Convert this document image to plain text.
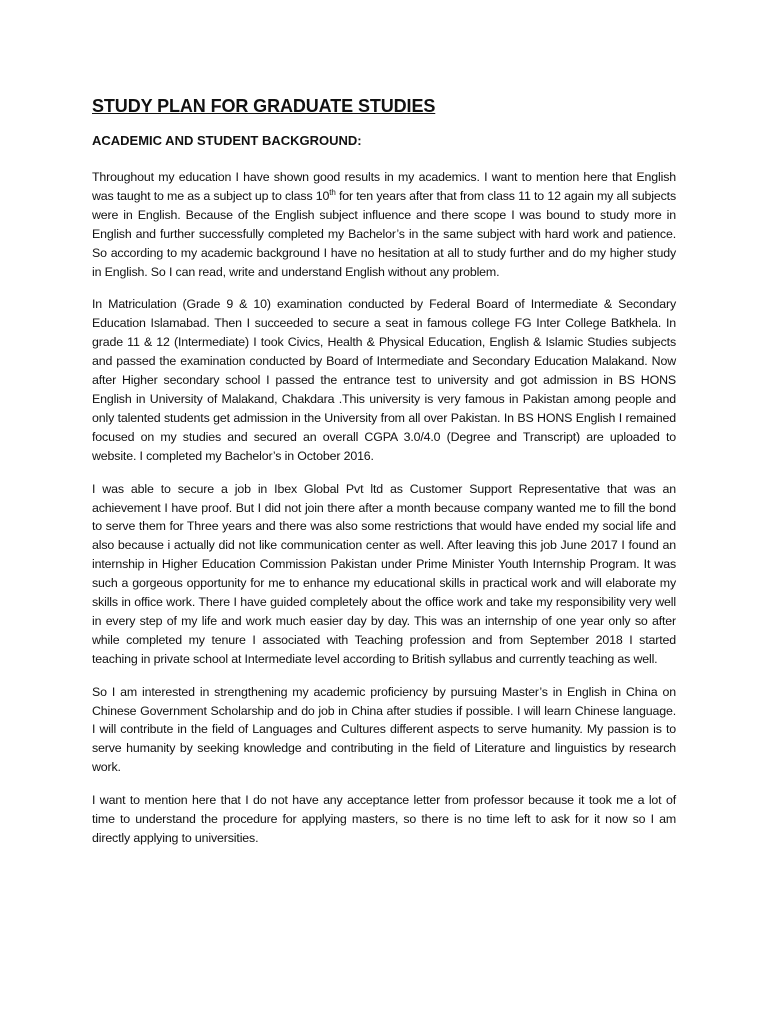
STUDY PLAN FOR GRADUATE STUDIES
ACADEMIC AND STUDENT BACKGROUND:

Throughout my education I have shown good results in my academics. I want to mention here that English was taught to me as a subject up to class 10th for ten years after that from class 11 to 12 again my all subjects were in English. Because of the English subject influence and there scope I was bound to study more in English and further successfully completed my Bachelor’s in the same subject with hard work and patience. So according to my academic background I have no hesitation at all to study further and do my higher study in English. So I can read, write and understand English without any problem.

In Matriculation (Grade 9 & 10) examination conducted by Federal Board of Intermediate & Secondary Education Islamabad. Then I succeeded to secure a seat in famous college FG Inter College Batkhela. In grade 11 & 12 (Intermediate) I took Civics, Health & Physical Education, English & Islamic Studies subjects and passed the examination conducted by Board of Intermediate and Secondary Education Malakand. Now after Higher secondary school I passed the entrance test to university and got admission in BS HONS English in University of Malakand, Chakdara .This university is very famous in Pakistan among people and only talented students get admission in the University from all over Pakistan. In BS HONS English I remained focused on my studies and secured an overall CGPA 3.0/4.0 (Degree and Transcript) are uploaded to website. I completed my Bachelor’s in October 2016.

I was able to secure a job in Ibex Global Pvt ltd as Customer Support Representative that was an achievement I have proof. But I did not join there after a month because company wanted me to fill the bond to serve them for Three years and there was also some restrictions that would have ended my social life and also because i actually did not like communication center as well. After leaving this job June 2017 I found an internship in Higher Education Commission Pakistan under Prime Minister Youth Internship Program. It was such a gorgeous opportunity for me to enhance my educational skills in practical work and will elaborate my skills in office work. There I have guided completely about the office work and take my responsibility very well in every step of my life and work much easier day by day. This was an internship of one year only so after while completed my tenure I associated with Teaching profession and from September 2018 I started teaching in private school at Intermediate level according to British syllabus and currently teaching as well.

So I am interested in strengthening my academic proficiency by pursuing Master’s in English in China on Chinese Government Scholarship and do job in China after studies if possible. I will learn Chinese language. I will contribute in the field of Languages and Cultures different aspects to serve humanity. My passion is to serve humanity by seeking knowledge and contributing in the field of Literature and linguistics by research work.

I want to mention here that I do not have any acceptance letter from professor because it took me a lot of time to understand the procedure for applying masters, so there is no time left to ask for it now so I am directly applying to universities.
